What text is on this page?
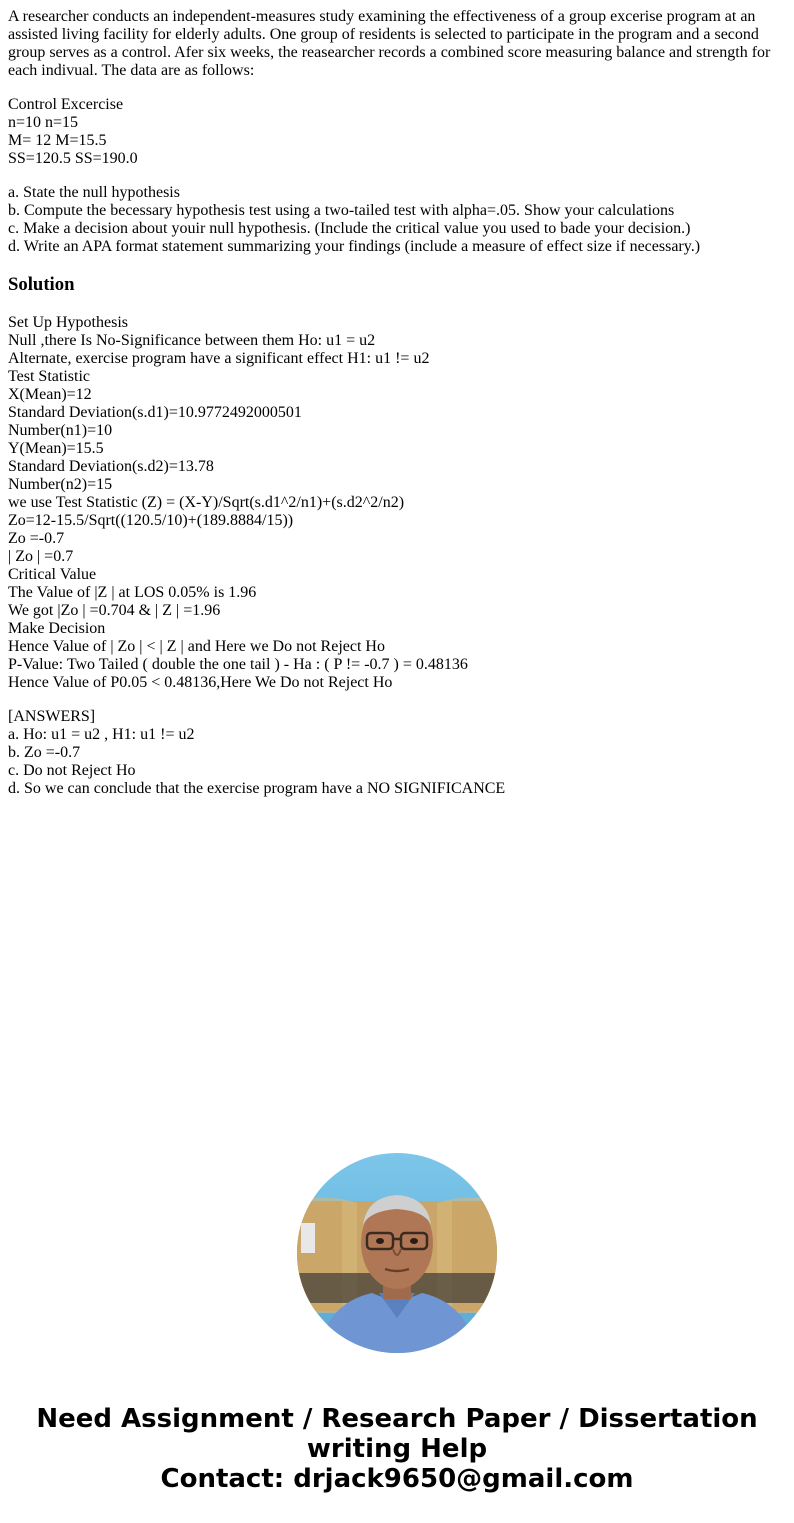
A researcher conducts an independent-measures study examining the effectiveness of a group excerise program at an assisted living facility for elderly adults. One group of residents is selected to participate in the program and a second group serves as a control. Afer six weeks, the reasearcher records a combined score measuring balance and strength for each indivual. The data are as follows:

Control Excercise
n=10 n=15
M= 12 M=15.5
SS=120.5 SS=190.0

a. State the null hypothesis
b. Compute the becessary hypothesis test using a two-tailed test with alpha=.05. Show your calculations
c. Make a decision about youir null hypothesis. (Include the critical value you used to bade your decision.)
d. Write an APA format statement summarizing your findings (include a measure of effect size if necessary.)

Solution

Set Up Hypothesis
Null ,there Is No-Significance between them Ho: u1 = u2
Alternate, exercise program have a significant effect H1: u1 != u2
Test Statistic
X(Mean)=12
Standard Deviation(s.d1)=10.9772492000501
Number(n1)=10
Y(Mean)=15.5
Standard Deviation(s.d2)=13.78
Number(n2)=15
we use Test Statistic (Z) = (X-Y)/Sqrt(s.d1^2/n1)+(s.d2^2/n2)
Zo=12-15.5/Sqrt((120.5/10)+(189.8884/15))
Zo =-0.7
| Zo | =0.7
Critical Value
The Value of |Z | at LOS 0.05% is 1.96
We got |Zo | =0.704 & | Z | =1.96
Make Decision
Hence Value of | Zo | < | Z | and Here we Do not Reject Ho
P-Value: Two Tailed ( double the one tail ) - Ha : ( P != -0.7 ) = 0.48136
Hence Value of P0.05 < 0.48136,Here We Do not Reject Ho

[ANSWERS]
a. Ho: u1 = u2 , H1: u1 != u2
b. Zo =-0.7
c. Do not Reject Ho
d. So we can conclude that the exercise program have a NO SIGNIFICANCE

Need Assignment / Research Paper / Dissertation
writing Help
Contact: drjack9650@gmail.com
